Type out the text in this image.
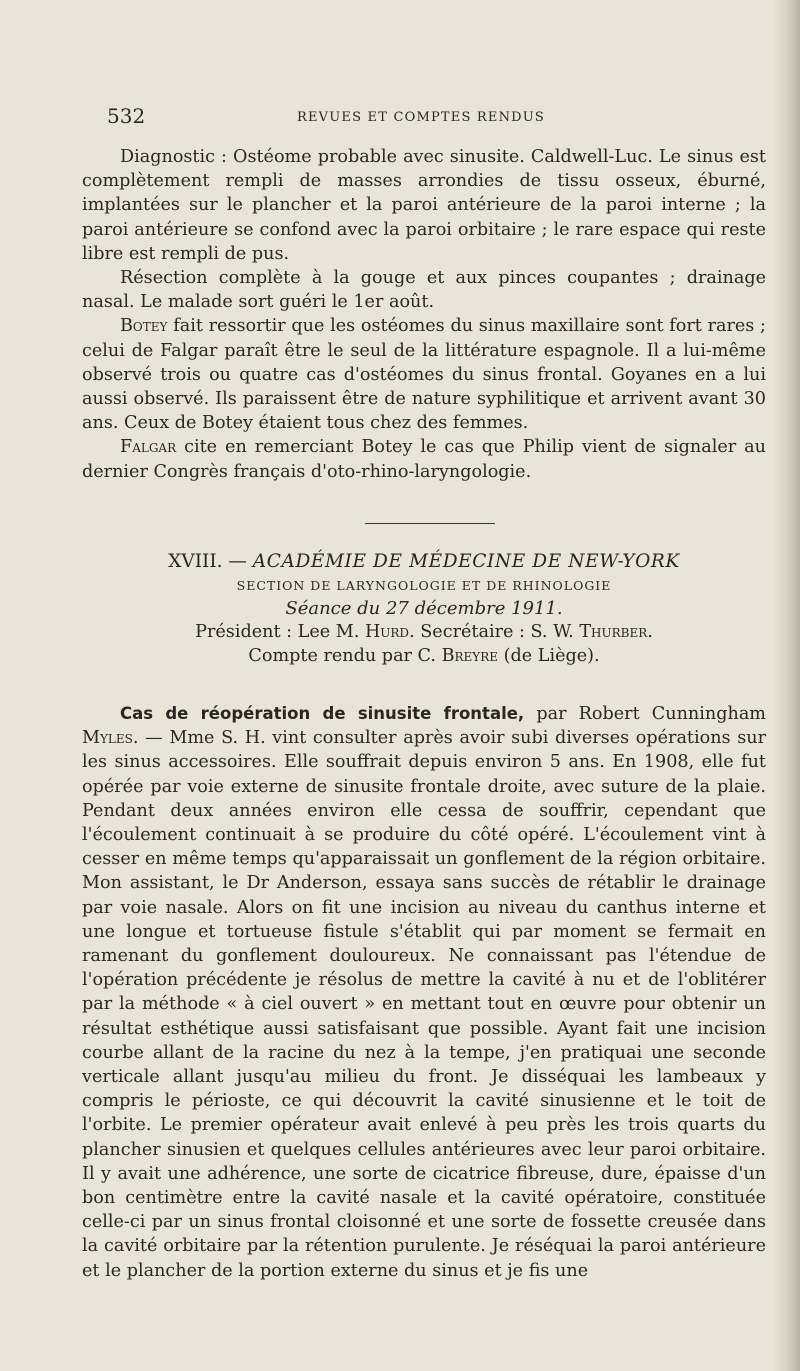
532	REVUES ET COMPTES RENDUS

Diagnostic : Ostéome probable avec sinusite. Caldwell-Luc. Le sinus est complètement rempli de masses arrondies de tissu osseux, éburné, implantées sur le plancher et la paroi antérieure de la paroi interne ; la paroi antérieure se confond avec la paroi orbitaire ; le rare espace qui reste libre est rempli de pus.

Résection complète à la gouge et aux pinces coupantes ; drainage nasal. Le malade sort guéri le 1er août.

Botey fait ressortir que les ostéomes du sinus maxillaire sont fort rares ; celui de Falgar paraît être le seul de la littérature espagnole. Il a lui-même observé trois ou quatre cas d'ostéomes du sinus frontal. Goyanes en a lui aussi observé. Ils paraissent être de nature syphilitique et arrivent avant 30 ans. Ceux de Botey étaient tous chez des femmes.

Falgar cite en remerciant Botey le cas que Philip vient de signaler au dernier Congrès français d'oto-rhino-laryngologie.

XVIII. — ACADÉMIE DE MÉDECINE DE NEW-YORK
SECTION DE LARYNGOLOGIE ET DE RHINOLOGIE
Séance du 27 décembre 1911.
Président : Lee M. Hurd. Secrétaire : S. W. Thurber.
Compte rendu par C. Breyre (de Liège).

Cas de réopération de sinusite frontale, par Robert Cunningham Myles. — Mme S. H. vint consulter après avoir subi diverses opérations sur les sinus accessoires. Elle souffrait depuis environ 5 ans. En 1908, elle fut opérée par voie externe de sinusite frontale droite, avec suture de la plaie. Pendant deux années environ elle cessa de souffrir, cependant que l'écoulement continuait à se produire du côté opéré. L'écoulement vint à cesser en même temps qu'apparaissait un gonflement de la région orbitaire. Mon assistant, le Dr Anderson, essaya sans succès de rétablir le drainage par voie nasale. Alors on fit une incision au niveau du canthus interne et une longue et tortueuse fistule s'établit qui par moment se fermait en ramenant du gonflement douloureux. Ne connaissant pas l'étendue de l'opération précédente je résolus de mettre la cavité à nu et de l'oblitérer par la méthode « à ciel ouvert » en mettant tout en œuvre pour obtenir un résultat esthétique aussi satisfaisant que possible. Ayant fait une incision courbe allant de la racine du nez à la tempe, j'en pratiquai une seconde verticale allant jusqu'au milieu du front. Je disséquai les lambeaux y compris le périoste, ce qui découvrit la cavité sinusienne et le toit de l'orbite. Le premier opérateur avait enlevé à peu près les trois quarts du plancher sinusien et quelques cellules antérieures avec leur paroi orbitaire. Il y avait une adhérence, une sorte de cicatrice fibreuse, dure, épaisse d'un bon centimètre entre la cavité nasale et la cavité opératoire, constituée celle-ci par un sinus frontal cloisonné et une sorte de fossette creusée dans la cavité orbitaire par la rétention purulente. Je réséquai la paroi antérieure et le plancher de la portion externe du sinus et je fis une
